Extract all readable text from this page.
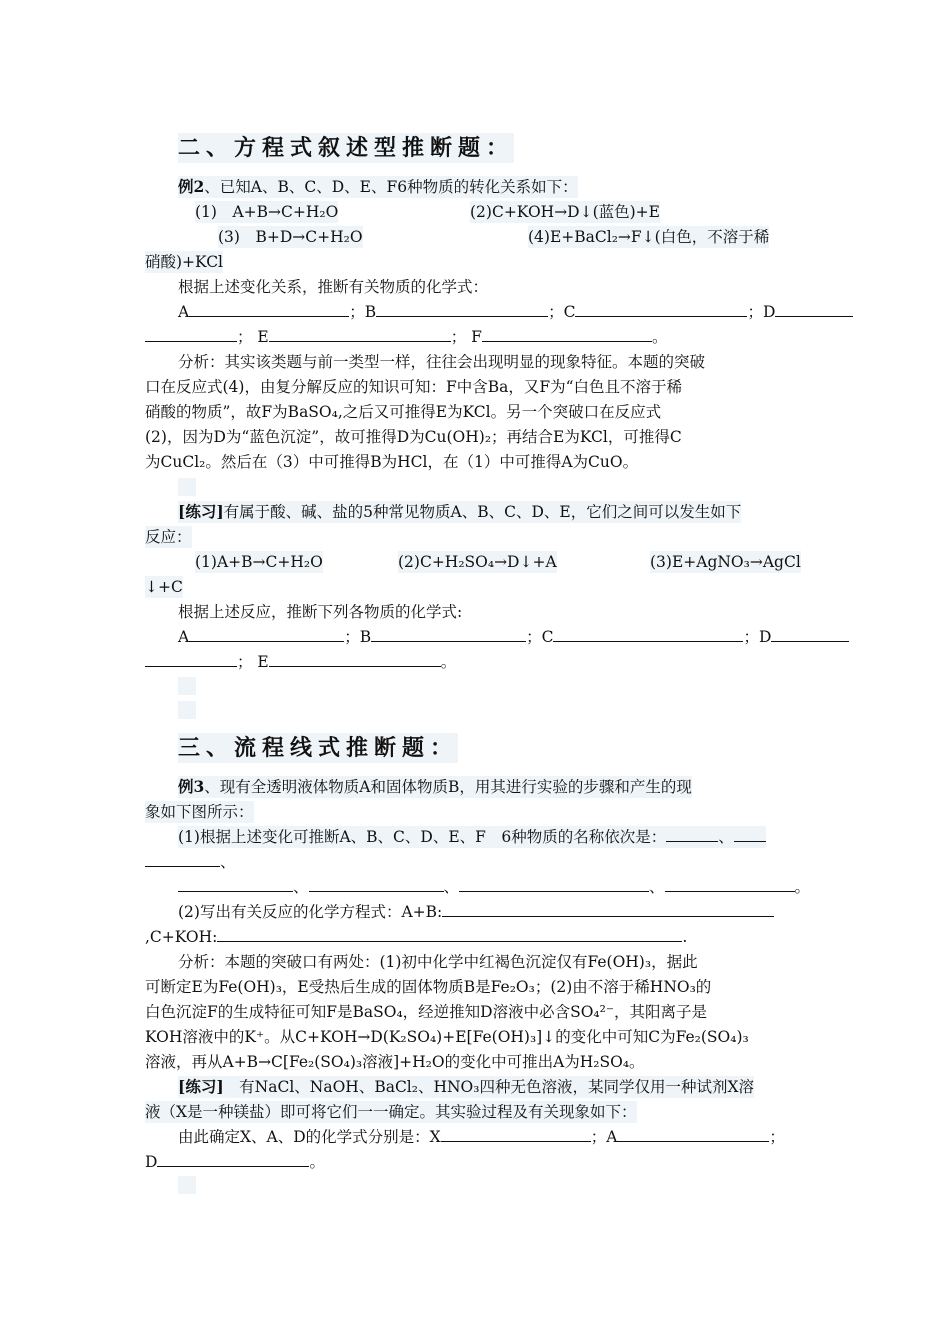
二、方程式叙述型推断题：
例2、已知A、B、C、D、E、F6种物质的转化关系如下：
(1)　A+B→C+H₂O	(2)C+KOH→D↓(蓝色)+E
(3)　B+D→C+H₂O	(4)E+BaCl₂→F↓(白色，不溶于稀
硝酸)+KCl
根据上述变化关系，推断有关物质的化学式：
A	；B	；C	；D
； E	； F	。
分析：其实该类题与前一类型一样，往往会出现明显的现象特征。本题的突破
口在反应式(4)，由复分解反应的知识可知：F中含Ba，又F为“白色且不溶于稀
硝酸的物质”，故F为BaSO₄,之后又可推得E为KCl。另一个突破口在反应式
(2)，因为D为“蓝色沉淀”，故可推得D为Cu(OH)₂；再结合E为KCl，可推得C
为CuCl₂。然后在（3）中可推得B为HCl，在（1）中可推得A为CuO。
[练习]有属于酸、碱、盐的5种常见物质A、B、C、D、E，它们之间可以发生如下
反应：
(1)A+B→C+H₂O	(2)C+H₂SO₄→D↓+A	(3)E+AgNO₃→AgCl
↓+C
根据上述反应，推断下列各物质的化学式:
A	；B	；C	；D
； E	。
三、流程线式推断题：
例3、现有全透明液体物质A和固体物质B，用其进行实验的步骤和产生的现
象如下图所示：
(1)根据上述变化可推断A、B、C、D、E、F　6种物质的名称依次是：	、
、
、	、	、	。
(2)写出有关反应的化学方程式：A+B:
,C+KOH:	.
分析：本题的突破口有两处：(1)初中化学中红褐色沉淀仅有Fe(OH)₃，据此
可断定E为Fe(OH)₃，E受热后生成的固体物质B是Fe₂O₃；(2)由不溶于稀HNO₃的
白色沉淀F的生成特征可知F是BaSO₄，经逆推知D溶液中必含SO₄²⁻，其阳离子是
KOH溶液中的K⁺。从C+KOH→D(K₂SO₄)+E[Fe(OH)₃]↓的变化中可知C为Fe₂(SO₄)₃
溶液，再从A+B→C[Fe₂(SO₄)₃溶液]+H₂O的变化中可推出A为H₂SO₄。
[练习]　有NaCl、NaOH、BaCl₂、HNO₃四种无色溶液，某同学仅用一种试剂X溶
液（X是一种镁盐）即可将它们一一确定。其实验过程及有关现象如下：
由此确定X、A、D的化学式分别是：X	；A	；
D	。
